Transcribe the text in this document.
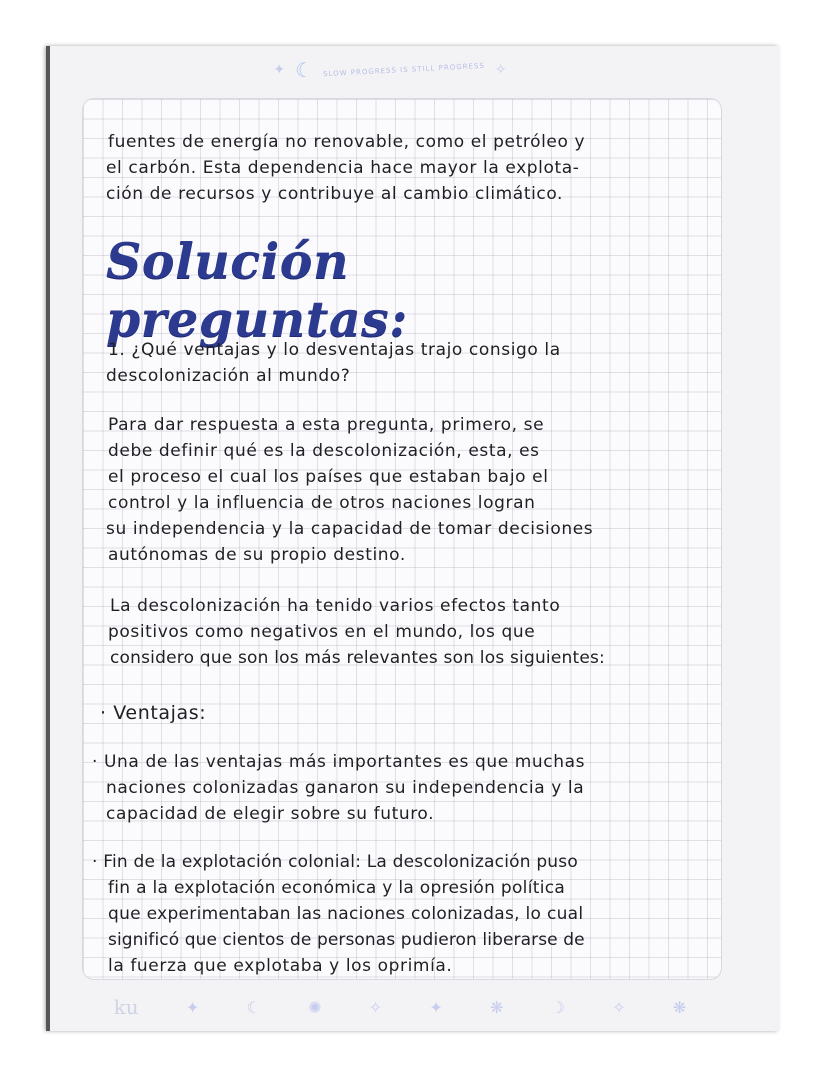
✦ ☾ SLOW PROGRESS IS STILL PROGRESS ✧
fuentes de energía no renovable, como el petróleo y
el carbón. Esta dependencia hace mayor la explota-
ción de recursos y contribuye al cambio climático.
Solución preguntas:
1. ¿Qué ventajas y lo desventajas trajo consigo la
descolonización al mundo?
Para dar respuesta a esta pregunta, primero, se
debe definir qué es la descolonización, esta, es
el proceso el cual los países que estaban bajo el
control y la influencia de otros naciones logran
su independencia y la capacidad de tomar decisiones
autónomas de su propio destino.
La descolonización ha tenido varios efectos tanto
positivos como negativos en el mundo, los que
considero que son los más relevantes son los siguientes:
· Ventajas:
· Una de las ventajas más importantes es que muchas
naciones colonizadas ganaron su independencia y la
capacidad de elegir sobre su futuro.
· Fin de la explotación colonial: La descolonización puso
fin a la explotación económica y la opresión política
que experimentaban las naciones colonizadas, lo cual
significó que cientos de personas pudieron liberarse de
la fuerza que explotaba y los oprimía.
ku	✦	☾	✺	✧	✦	❋	☽	✧	❋
